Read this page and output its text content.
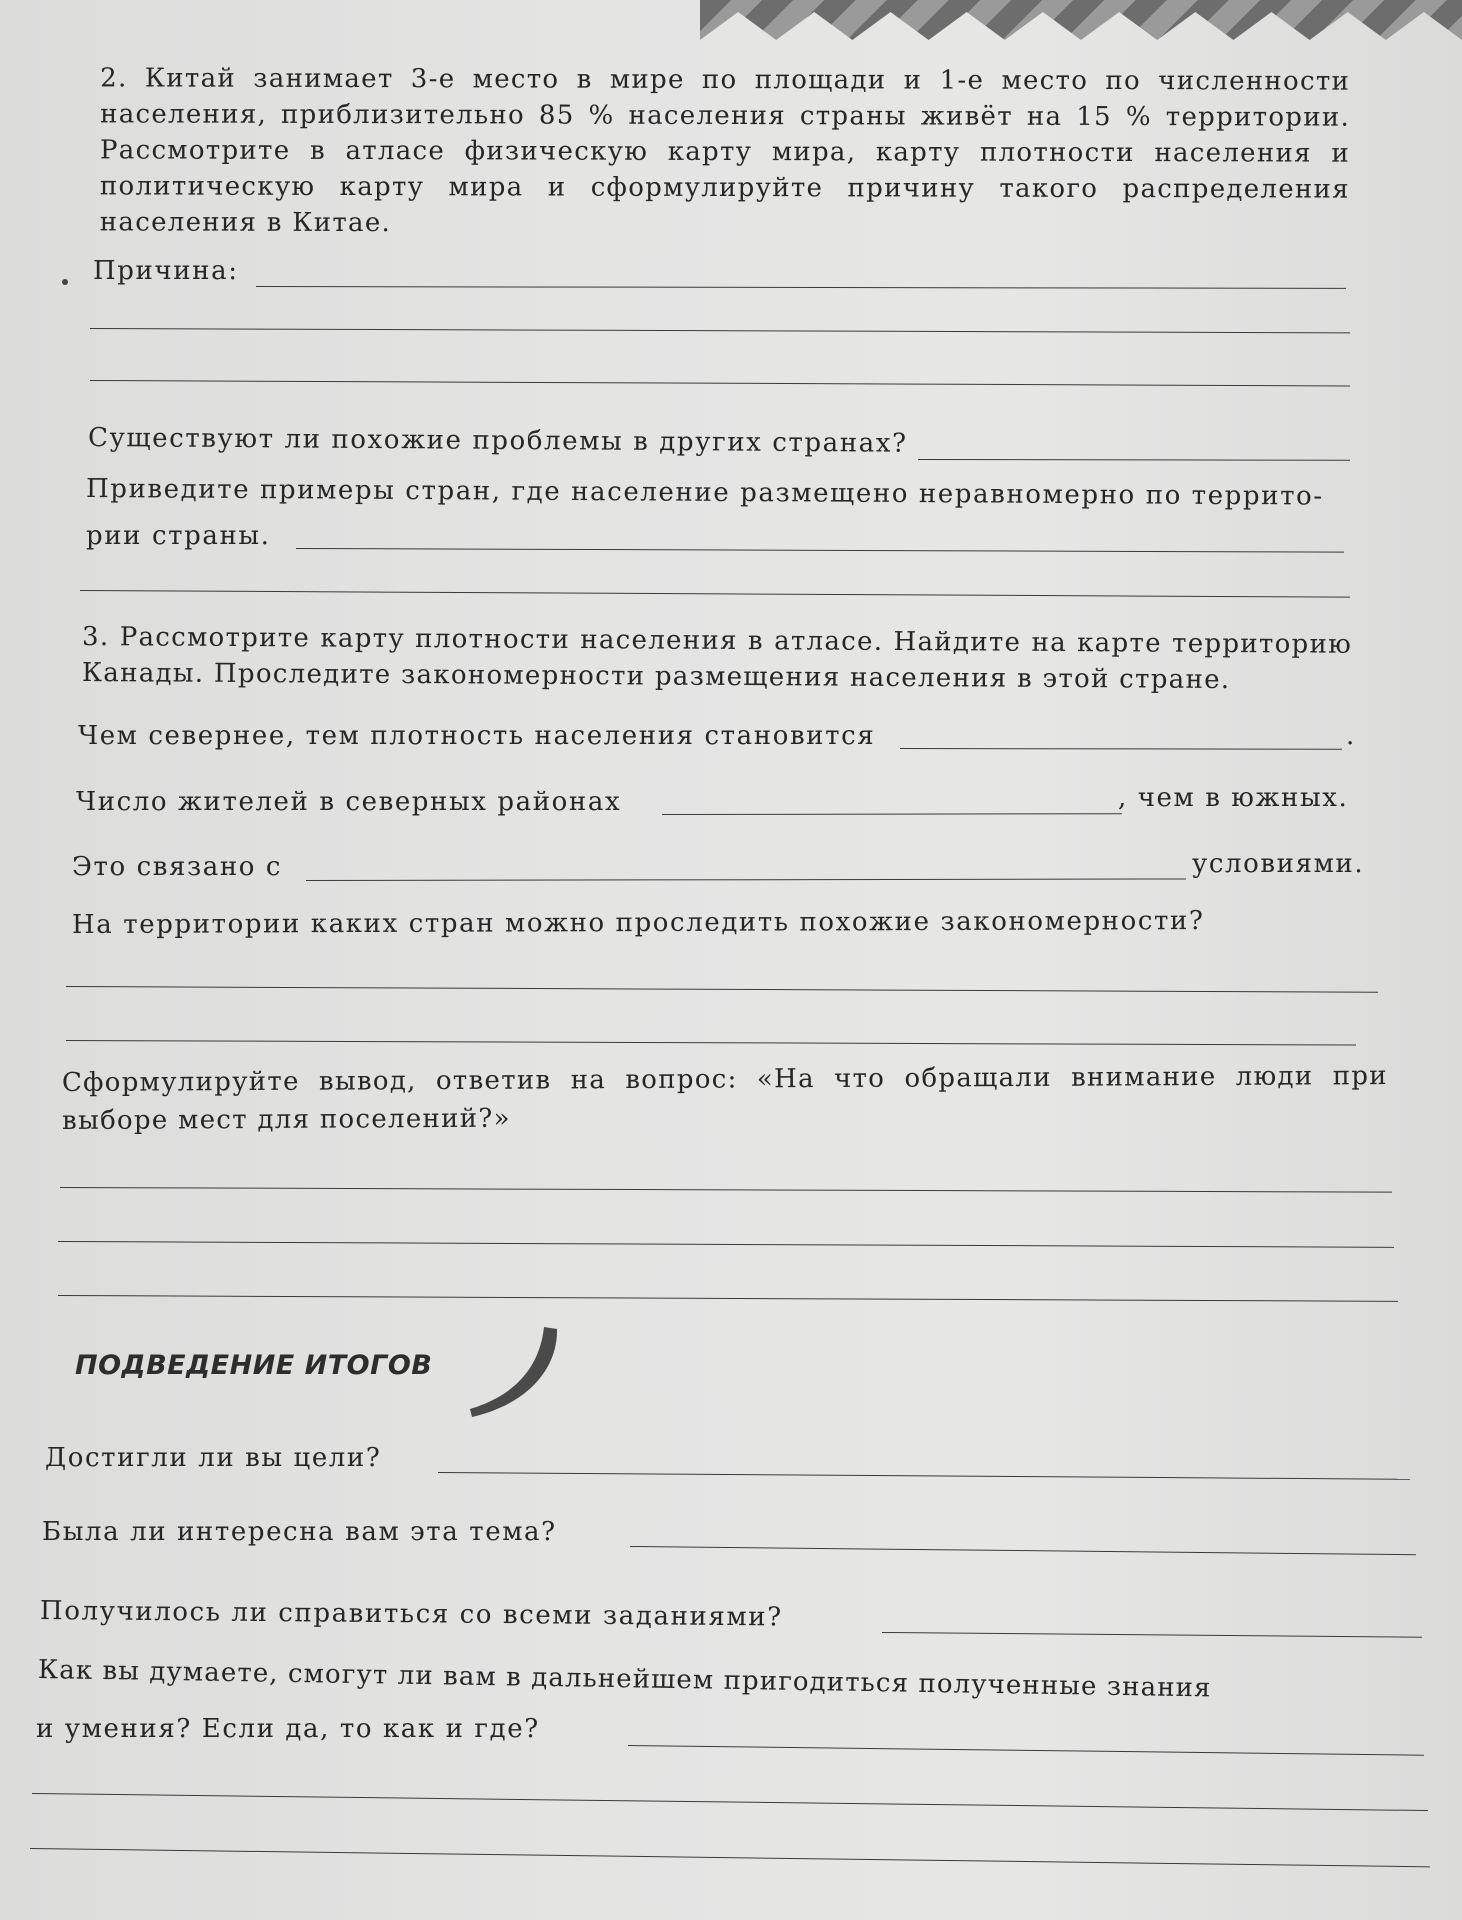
2. Китай занимает 3-е место в мире по площади и 1-е место по численности населения, приблизительно 85 % населения страны живёт на 15 % территории. Рассмотрите в атласе физическую карту мира, карту плотности населения и политическую карту мира и сформулируйте причину такого распределения населения в Китае.
Причина:
Существуют ли похожие проблемы в других странах?
Приведите примеры стран, где население размещено неравномерно по террито-
рии страны.
3. Рассмотрите карту плотности населения в атласе. Найдите на карте территорию Канады. Проследите закономерности размещения населения в этой стране.
Чем севернее, тем плотность населения становится	.
Число жителей в северных районах	, чем в южных.
Это связано с	условиями.
На территории каких стран можно проследить похожие закономерности?
Сформулируйте вывод, ответив на вопрос: «На что обращали внимание люди при выборе мест для поселений?»
ПОДВЕДЕНИЕ ИТОГОВ
Достигли ли вы цели?
Была ли интересна вам эта тема?
Получилось ли справиться со всеми заданиями?
Как вы думаете, смогут ли вам в дальнейшем пригодиться полученные знания
и умения? Если да, то как и где?
